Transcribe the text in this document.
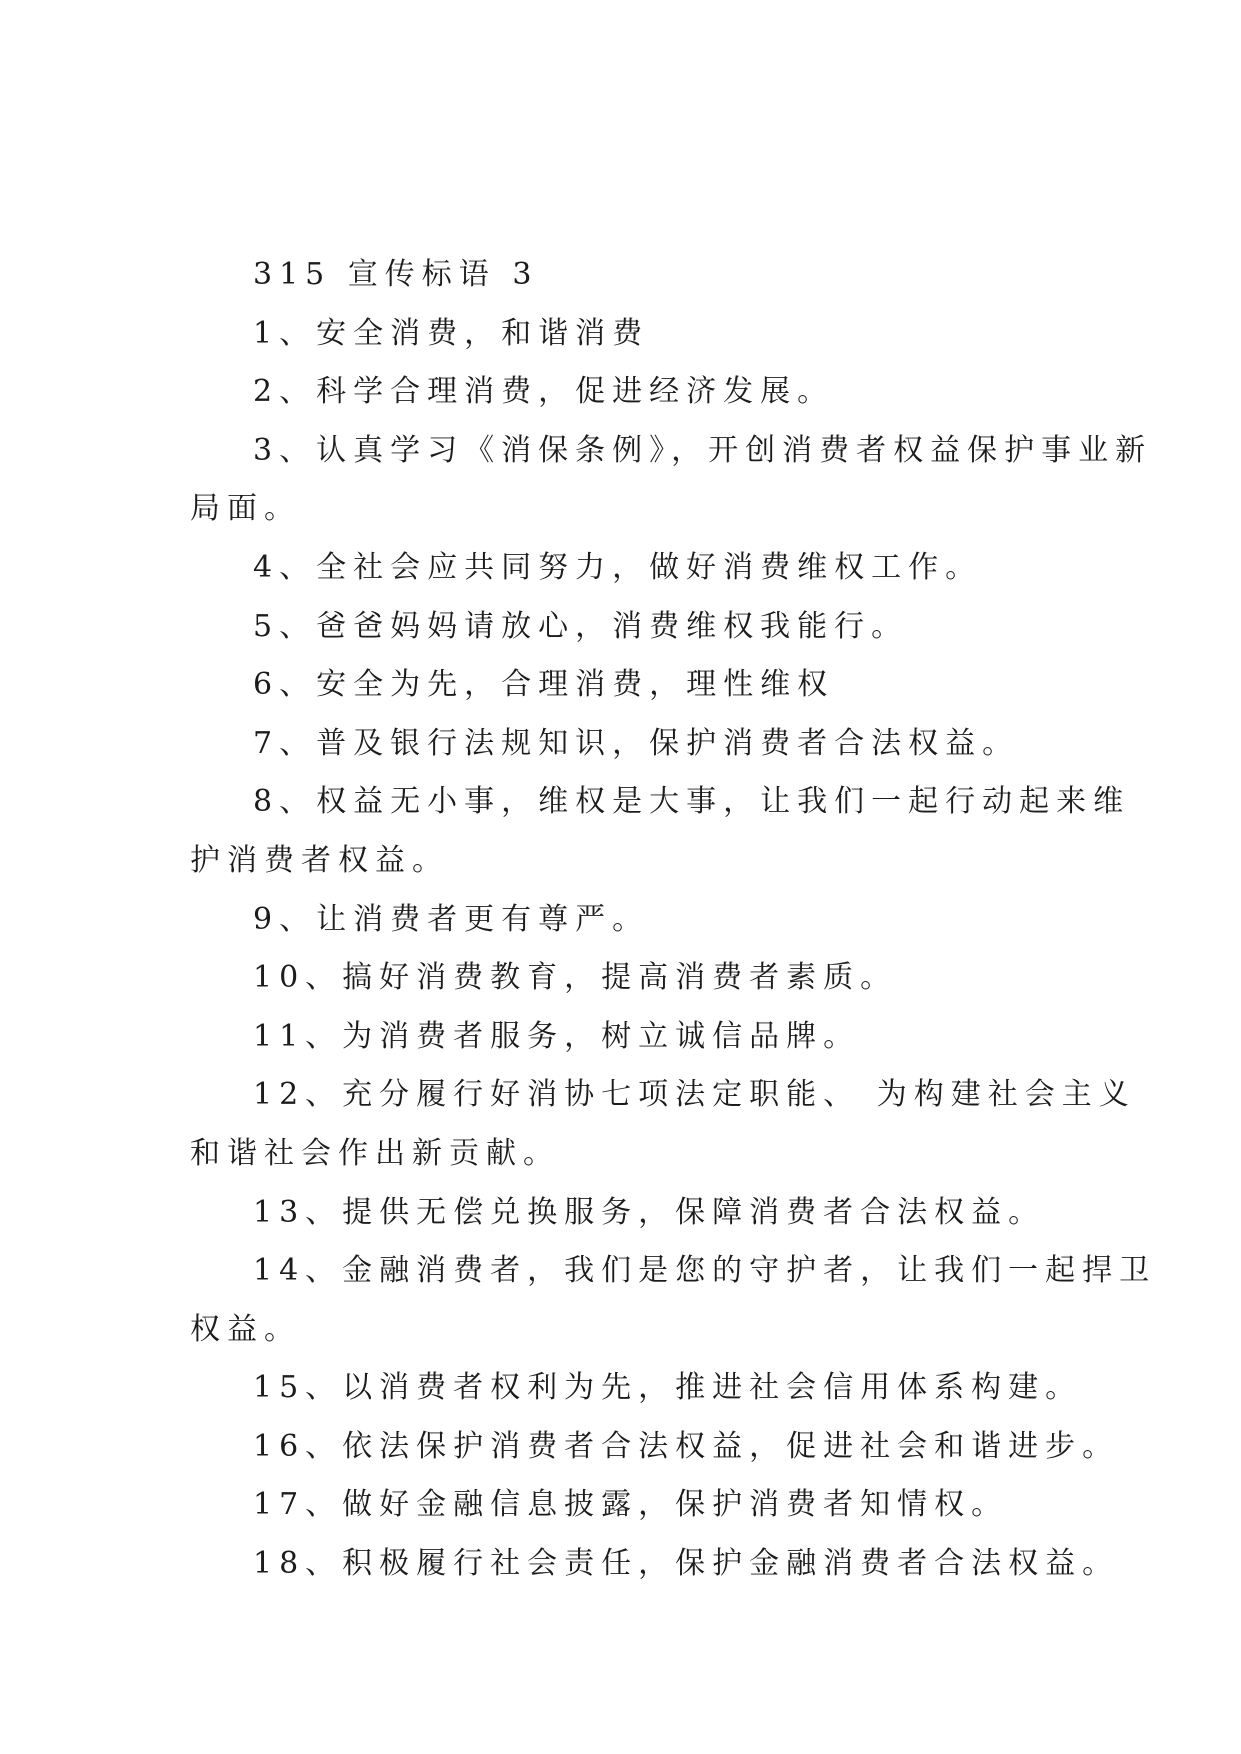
315 宣传标语 3
1、安全消费，和谐消费
2、科学合理消费，促进经济发展。
3、认真学习《消保条例》，开创消费者权益保护事业新
局面。
4、全社会应共同努力，做好消费维权工作。
5、爸爸妈妈请放心，消费维权我能行。
6、安全为先，合理消费，理性维权
7、普及银行法规知识，保护消费者合法权益。
8、权益无小事，维权是大事，让我们一起行动起来维
护消费者权益。
9、让消费者更有尊严。
10、搞好消费教育，提高消费者素质。
11、为消费者服务，树立诚信品牌。
12、充分履行好消协七项法定职能、 为构建社会主义
和谐社会作出新贡献。
13、提供无偿兑换服务，保障消费者合法权益。
14、金融消费者，我们是您的守护者，让我们一起捍卫
权益。
15、以消费者权利为先，推进社会信用体系构建。
16、依法保护消费者合法权益，促进社会和谐进步。
17、做好金融信息披露，保护消费者知情权。
18、积极履行社会责任，保护金融消费者合法权益。
